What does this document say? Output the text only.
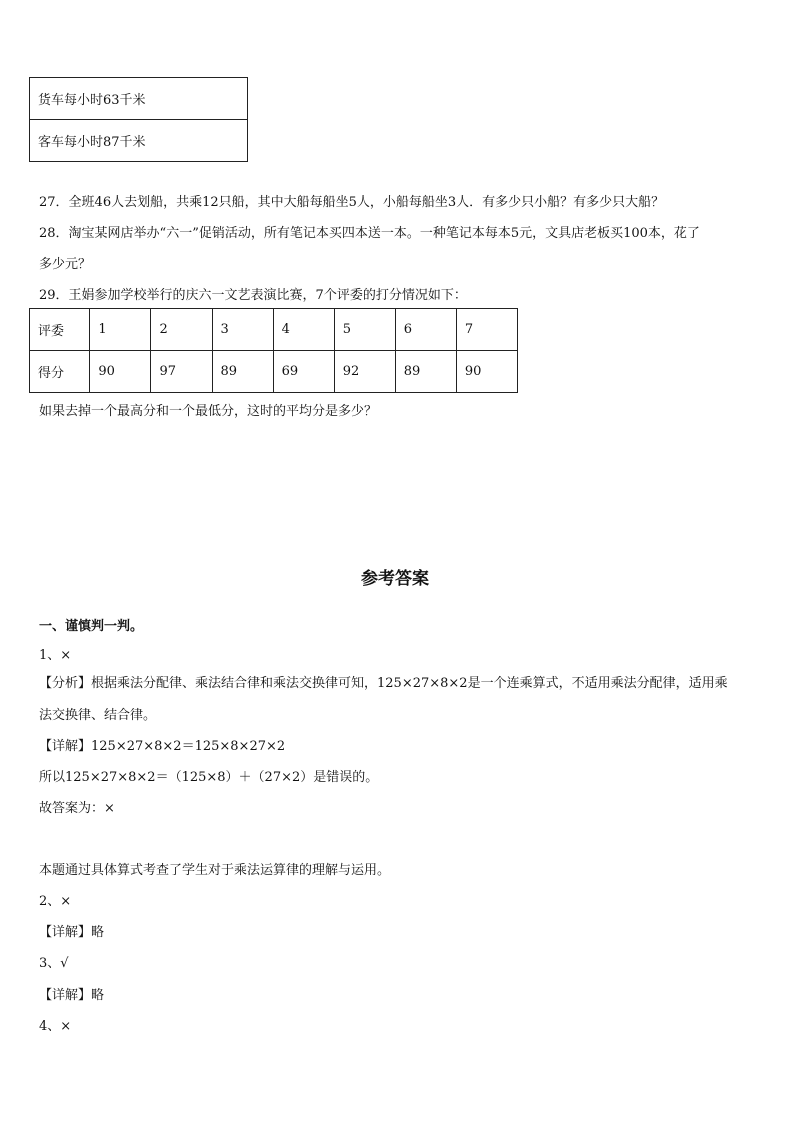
货车每小时63千米
客车每小时87千米
27．全班46人去划船，共乘12只船，其中大船每船坐5人，小船每船坐3人．有多少只小船？有多少只大船？
28．淘宝某网店举办“六一”促销活动，所有笔记本买四本送一本。一种笔记本每本5元，文具店老板买100本，花了
多少元？
29．王娟参加学校举行的庆六一文艺表演比赛，7个评委的打分情况如下：
评委	1	2	3	4	5	6	7
得分	90	97	89	69	92	89	90
如果去掉一个最高分和一个最低分，这时的平均分是多少？
参考答案
一、谨慎判一判。
1、×
【分析】根据乘法分配律、乘法结合律和乘法交换律可知，125×27×8×2是一个连乘算式，不适用乘法分配律，适用乘
法交换律、结合律。
【详解】125×27×8×2＝125×8×27×2
所以125×27×8×2＝（125×8）＋（27×2）是错误的。
故答案为：×
本题通过具体算式考查了学生对于乘法运算律的理解与运用。
2、×
【详解】略
3、√
【详解】略
4、×
